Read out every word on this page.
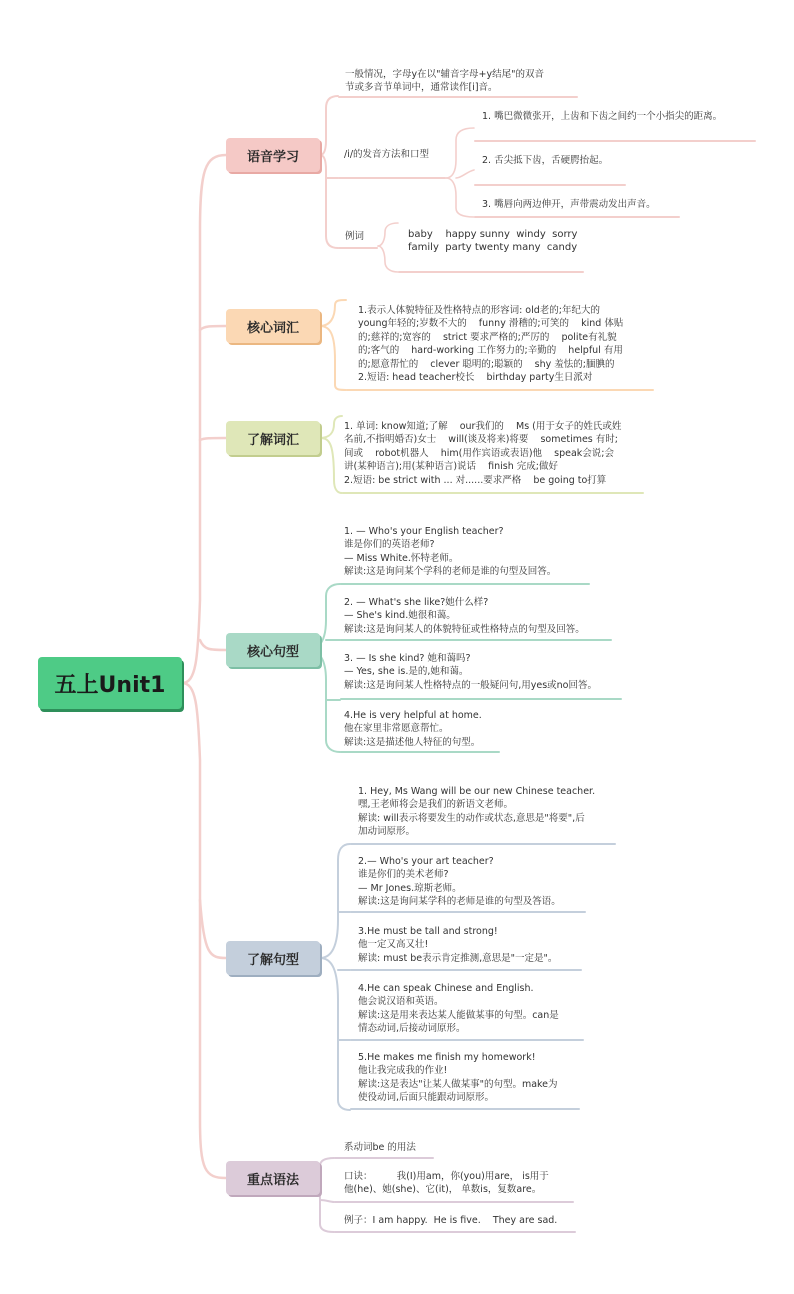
五上Unit1
语音学习
核心词汇
了解词汇
核心句型
了解句型
重点语法
一般情况，字母y在以"辅音字母+y结尾"的双音
节或多音节单词中，通常读作[i]音。
/i/的发音方法和口型
1. 嘴巴微微张开，上齿和下齿之间约一个小指尖的距离。
2. 舌尖抵下齿，舌硬腭抬起。
3. 嘴唇向两边伸开，声带震动发出声音。
例词	baby    happy sunny  windy  sorry
family  party twenty many  candy
1.表示人体貌特征及性格特点的形容词: old老的;年纪大的
young年轻的;岁数不大的    funny 滑稽的;可笑的    kind 体贴
的;慈祥的;宽容的    strict 要求严格的;严厉的    polite有礼貌
的;客气的    hard-working 工作努力的;辛勤的    helpful 有用
的;愿意帮忙的    clever 聪明的;聪颖的    shy 羞怯的;腼腆的
2.短语: head teacher校长    birthday party生日派对
1. 单词: know知道;了解    our我们的    Ms (用于女子的姓氏或姓
名前,不指明婚否)女士    will(谈及将来)将要    sometimes 有时;
间或    robot机器人    him(用作宾语或表语)他    speak会说;会
讲(某种语言);用(某种语言)说话    finish 完成;做好
2.短语: be strict with ... 对......要求严格    be going to打算
1. — Who's your English teacher?
谁是你们的英语老师?
— Miss White.怀特老师。
解读:这是询问某个学科的老师是谁的句型及回答。
2. — What's she like?她什么样?
— She's kind.她很和蔼。
解读:这是询问某人的体貌特征或性格特点的句型及回答。
3. — Is she kind? 她和蔼吗?
— Yes, she is.是的,她和蔼。
解读:这是询问某人性格特点的一般疑问句,用yes或no回答。
4.He is very helpful at home.
他在家里非常愿意帮忙。
解读:这是描述他人特征的句型。
1. Hey, Ms Wang will be our new Chinese teacher.
嘿,王老师将会是我们的新语文老师。
解读: will表示将要发生的动作或状态,意思是"将要",后
加动词原形。
2.— Who's your art teacher?
谁是你们的美术老师?
— Mr Jones.琼斯老师。
解读:这是询问某学科的老师是谁的句型及答语。
3.He must be tall and strong!
他一定又高又壮!
解读: must be表示肯定推测,意思是"一定是"。
4.He can speak Chinese and English.
他会说汉语和英语。
解读:这是用来表达某人能做某事的句型。can是
情态动词,后接动词原形。
5.He makes me finish my homework!
他让我完成我的作业!
解读:这是表达"让某人做某事"的句型。make为
使役动词,后面只能跟动词原形。
系动词be 的用法
口诀：        我(I)用am，你(you)用are， is用于
他(he)、她(she)、它(it)， 单数is，复数are。
例子：I am happy.  He is five.    They are sad.
